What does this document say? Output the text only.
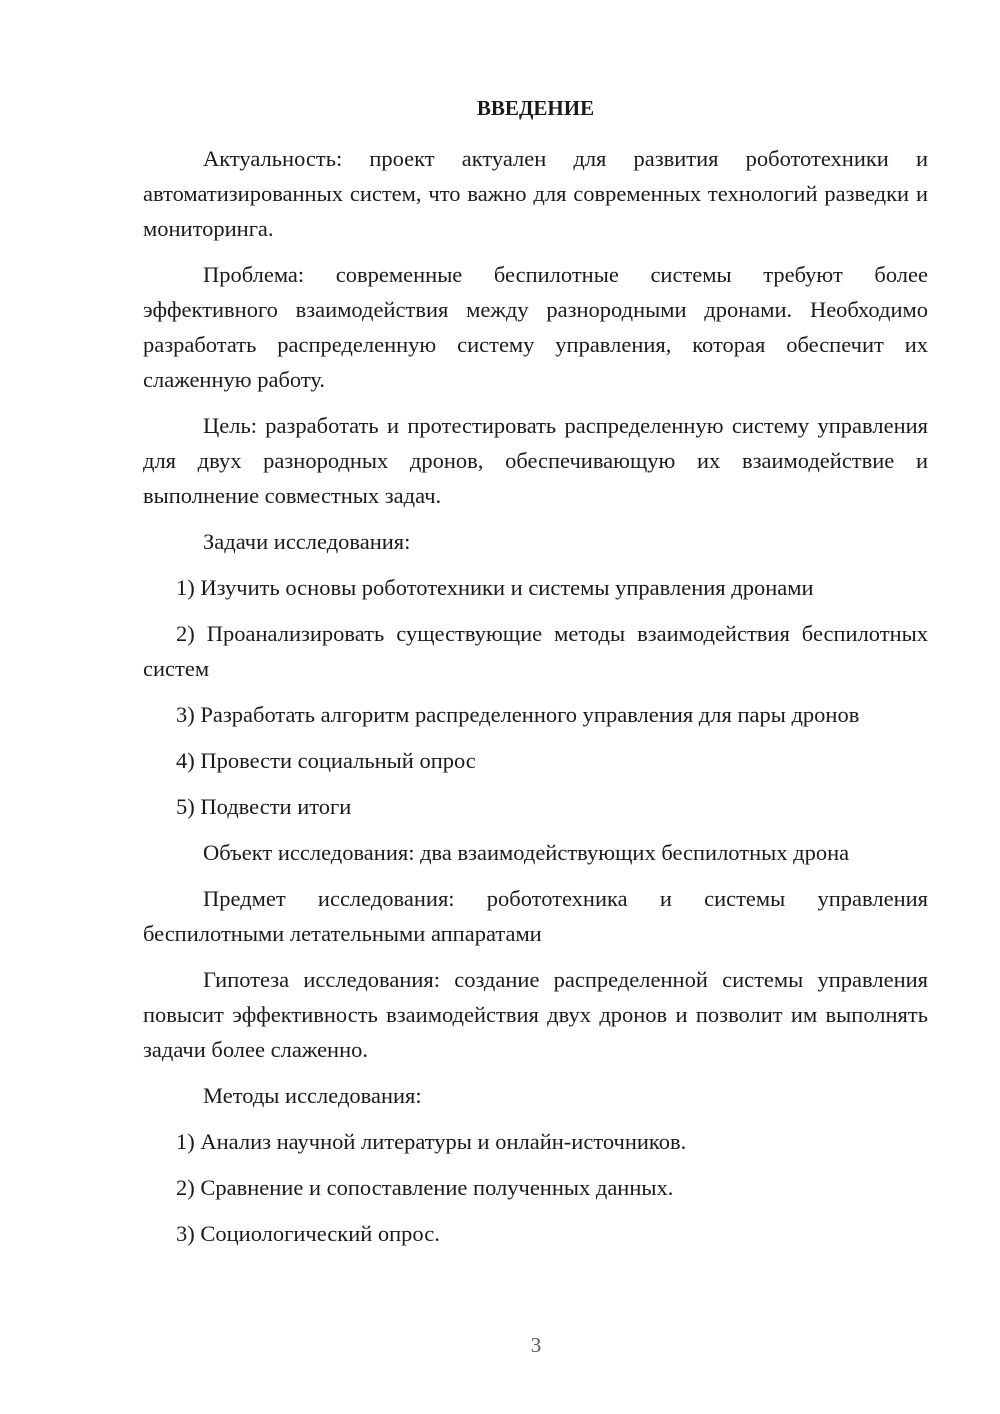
ВВЕДЕНИЕ

Актуальность: проект актуален для развития робототехники и автоматизированных систем, что важно для современных технологий разведки и мониторинга.

Проблема: современные беспилотные системы требуют более эффективного взаимодействия между разнородными дронами. Необходимо разработать распределенную систему управления, которая обеспечит их слаженную работу.

Цель: разработать и протестировать распределенную систему управления для двух разнородных дронов, обеспечивающую их взаимодействие и выполнение совместных задач.

Задачи исследования:

1) Изучить основы робототехники и системы управления дронами

2) Проанализировать существующие методы взаимодействия беспилотных систем

3) Разработать алгоритм распределенного управления для пары дронов

4) Провести социальный опрос

5) Подвести итоги

Объект исследования: два взаимодействующих беспилотных дрона

Предмет исследования: робототехника и системы управления беспилотными летательными аппаратами

Гипотеза исследования: создание распределенной системы управления повысит эффективность взаимодействия двух дронов и позволит им выполнять задачи более слаженно.

Методы исследования:

1) Анализ научной литературы и онлайн-источников.

2) Сравнение и сопоставление полученных данных.

3) Социологический опрос.

3
